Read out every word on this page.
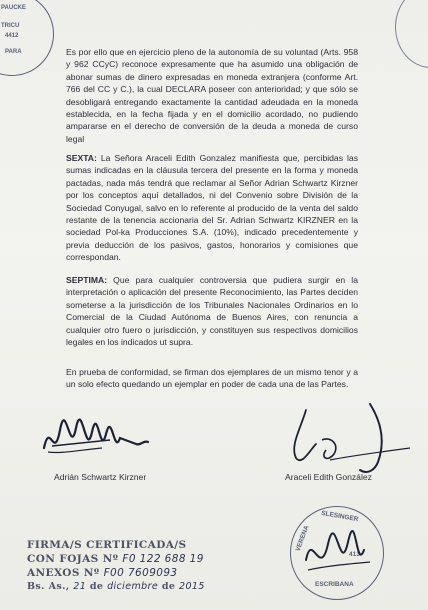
PAUCKE
TRICU
4412
PARA	Es por ello que en ejercicio pleno de la autonomía de su voluntad (Arts. 958 y 962 CCyC) reconoce expresamente que ha asumido una obligación de abonar sumas de dinero expresadas en moneda extranjera (conforme Art. 766 del CC y C.), la cual DECLARA poseer con anterioridad; y que sólo se desobligará entregando exactamente la cantidad adeudada en la moneda establecida, en la fecha fijada y en el domicilio acordado, no pudiendo ampararse en el derecho de conversión de la deuda a moneda de curso legal
SEXTA: La Señora Araceli Edith Gonzalez manifiesta que, percibidas las sumas indicadas en la cláusula tercera del presente en la forma y moneda pactadas, nada más tendrá que reclamar al Señor Adrian Schwartz Kirzner por los conceptos aquí detallados, ni del Convenio sobre División de la Sociedad Conyugal, salvo en lo referente al producido de la venta del saldo restante de la tenencia accionaria del Sr. Adrian Schwartz KIRZNER en la sociedad Pol-ka Producciones S.A. (10%), indicado precedentemente y previa deducción de los pasivos, gastos, honorarios y comisiones que correspondan.
SEPTIMA: Que para cualquier controversia que pudiera surgir en la interpretación o aplicación del presente Reconocimiento, las Partes deciden someterse a la jurisdicción de los Tribunales Nacionales Ordinarios en lo Comercial de la Ciudad Autónoma de Buenos Aires, con renuncia a cualquier otro fuero o jurisdicción, y constituyen sus respectivos domicilios legales en los indicados ut supra.
En prueba de conformidad, se firman dos ejemplares de un mismo tenor y a un solo efecto quedando un ejemplar en poder de cada una de las Partes.
Adrián Schwartz Kirzner	Araceli Edith González
FIRMA/S CERTIFICADA/S
CON FOJAS Nº F0 122 688 19
ANEXOS Nº F00 7609093
Bs. As., 21 de diciembre de 2015
VERENA
SLESINGER
ESCRIBANA
413
